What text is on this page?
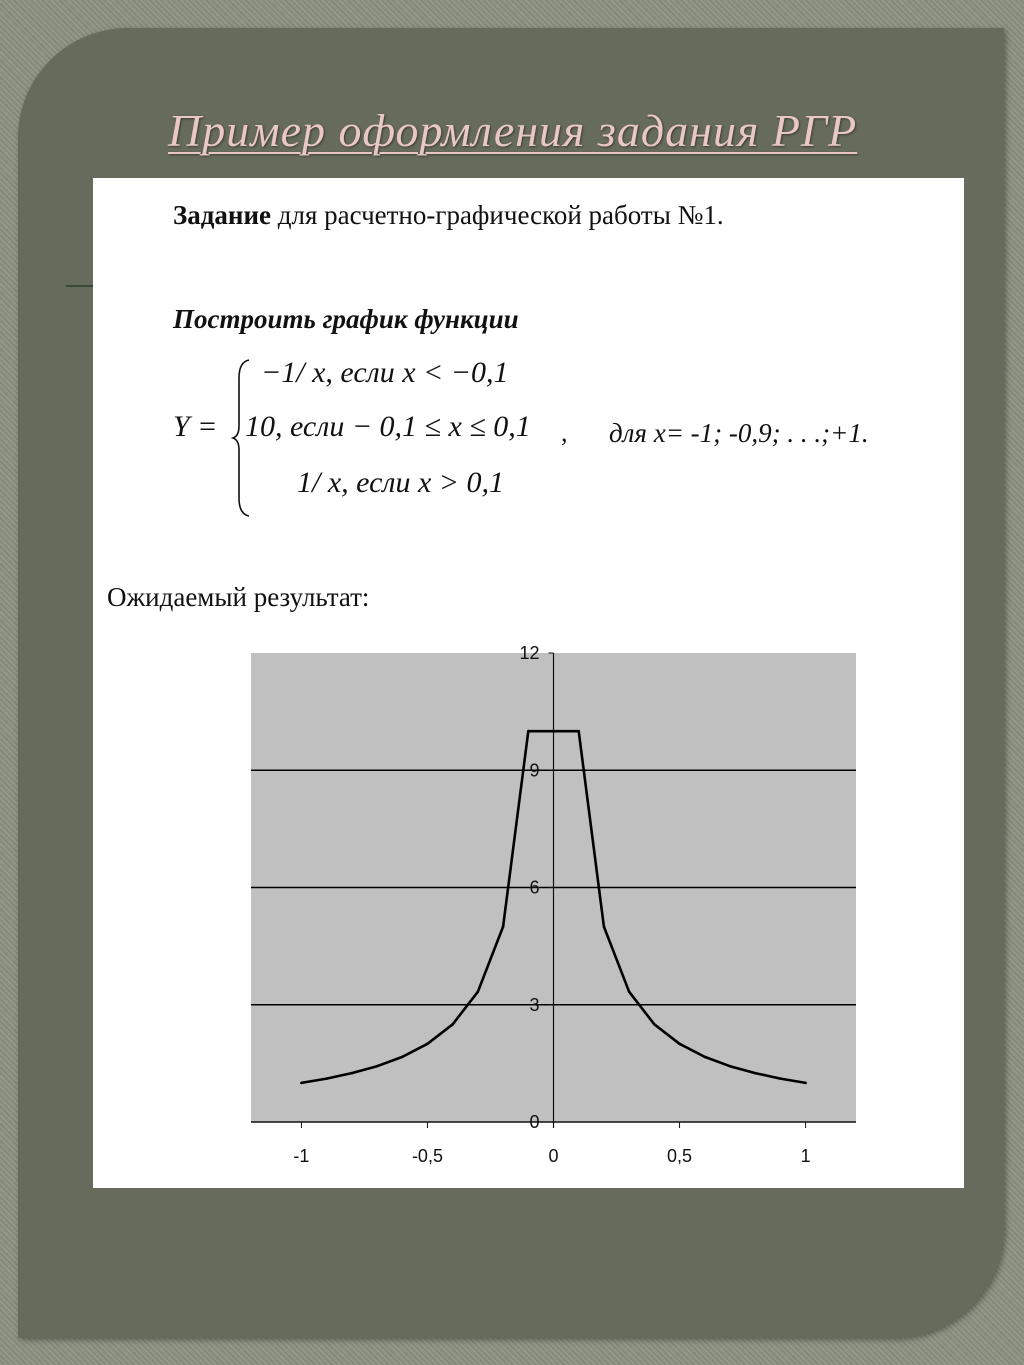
Пример оформления задания РГР
Задание для расчетно-графической работы №1.
Построить график функции
Y =
−1/ x, если x < −0,1
10, если − 0,1 ≤ x ≤ 0,1
1/ x, если x > 0,1
, для x= -1; -0,9; . . .;+1.
Ожидаемый результат:
0
3
6
9
12
-1	-0,5	0	0,5	1
